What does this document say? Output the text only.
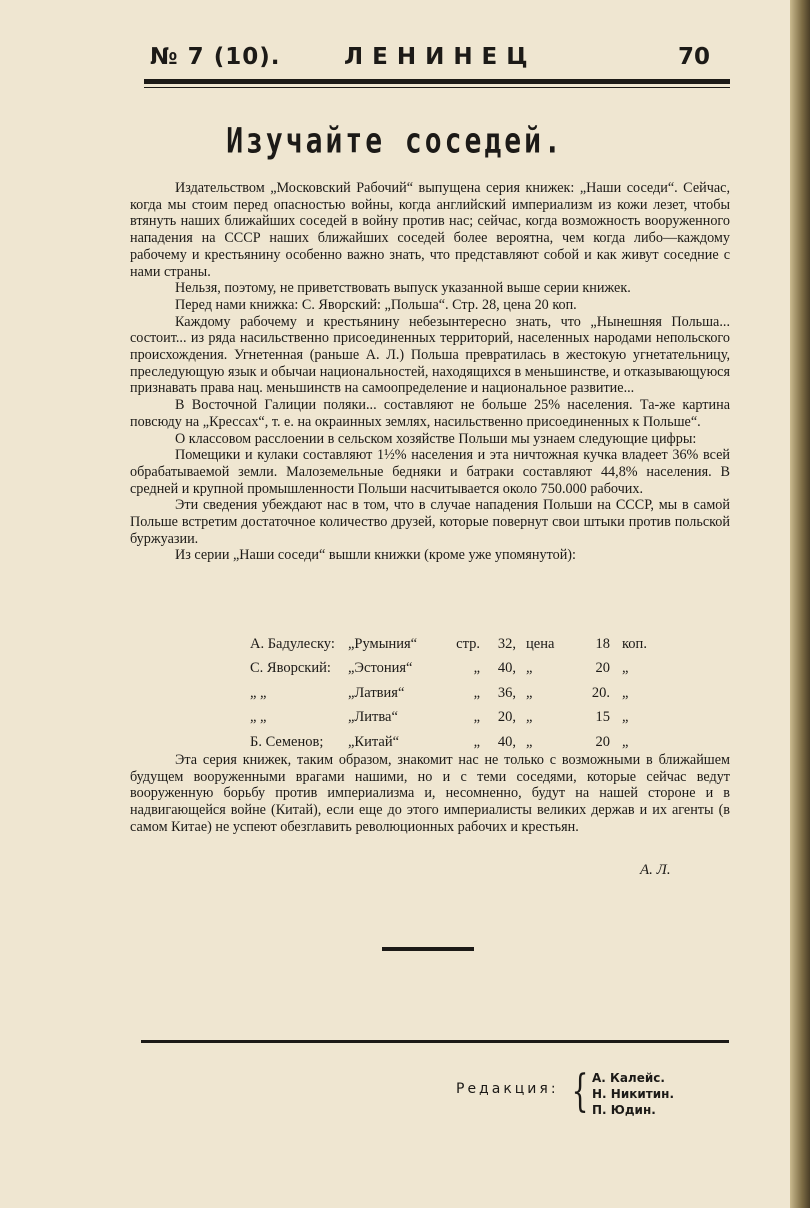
№ 7 (10).	ЛЕНИНЕЦ	70
Изучайте соседей.

Издательством „Московский Рабочий“ выпущена серия книжек: „Наши соседи“. Сейчас, когда мы стоим перед опасностью войны, когда английский империализм из кожи лезет, чтобы втянуть наших ближайших соседей в войну против нас; сейчас, когда возможность вооруженного нападения на СССР наших ближайших соседей более вероятна, чем когда либо—каждому рабочему и крестьянину особенно важно знать, что представляют собой и как живут соседние с нами страны.

Нельзя, поэтому, не приветствовать выпуск указанной выше серии книжек.

Перед нами книжка: С. Яворский: „Польша“. Стр. 28, цена 20 коп.

Каждому рабочему и крестьянину небезынтересно знать, что „Нынешняя Польша... состоит... из ряда насильственно присоединенных территорий, населенных народами непольского происхождения. Угнетенная (раньше А. Л.) Польша превратилась в жестокую угнетательницу, преследующую язык и обычаи национальностей, находящихся в меньшинстве, и отказывающуюся признавать права нац. меньшинств на самоопределение и национальное развитие...

В Восточной Галиции поляки... составляют не больше 25% населения. Та-же картина повсюду на „Крессах“, т. е. на окраинных землях, насильственно присоединенных к Польше“.

О классовом расслоении в сельском хозяйстве Польши мы узнаем следующие цифры:

Помещики и кулаки составляют 1½% населения и эта ничтожная кучка владеет 36% всей обрабатываемой земли. Малоземельные бедняки и батраки составляют 44,8% населения. В средней и крупной промышленности Польши насчитывается около 750.000 рабочих.

Эти сведения убеждают нас в том, что в случае нападения Польши на СССР, мы в самой Польше встретим достаточное количество друзей, которые повернут свои штыки против польской буржуазии.

Из серии „Наши соседи“ вышли книжки (кроме уже упомянутой):

А. Бадулеску:	„Румыния“	стр.	32,	цена	18	коп.
С. Яворский:	„Эстония“	„	40,	„	20	„
„ „	„Латвия“	„	36,	„	20.	„
„ „	„Литва“	„	20,	„	15	„
Б. Семенов;	„Китай“	„	40,	„	20	„

Эта серия книжек, таким образом, знакомит нас не только с возможными в ближайшем будущем вооруженными врагами нашими, но и с теми соседями, которые сейчас ведут вооруженную борьбу против империализма и, несомненно, будут на нашей стороне и в надвигающейся войне (Китай), если еще до этого империалисты великих держав и их агенты (в самом Китае) не успеют обезглавить революционных рабочих и крестьян.

А. Л.
Редакция: { А. Калейс.
Н. Никитин.
П. Юдин.
